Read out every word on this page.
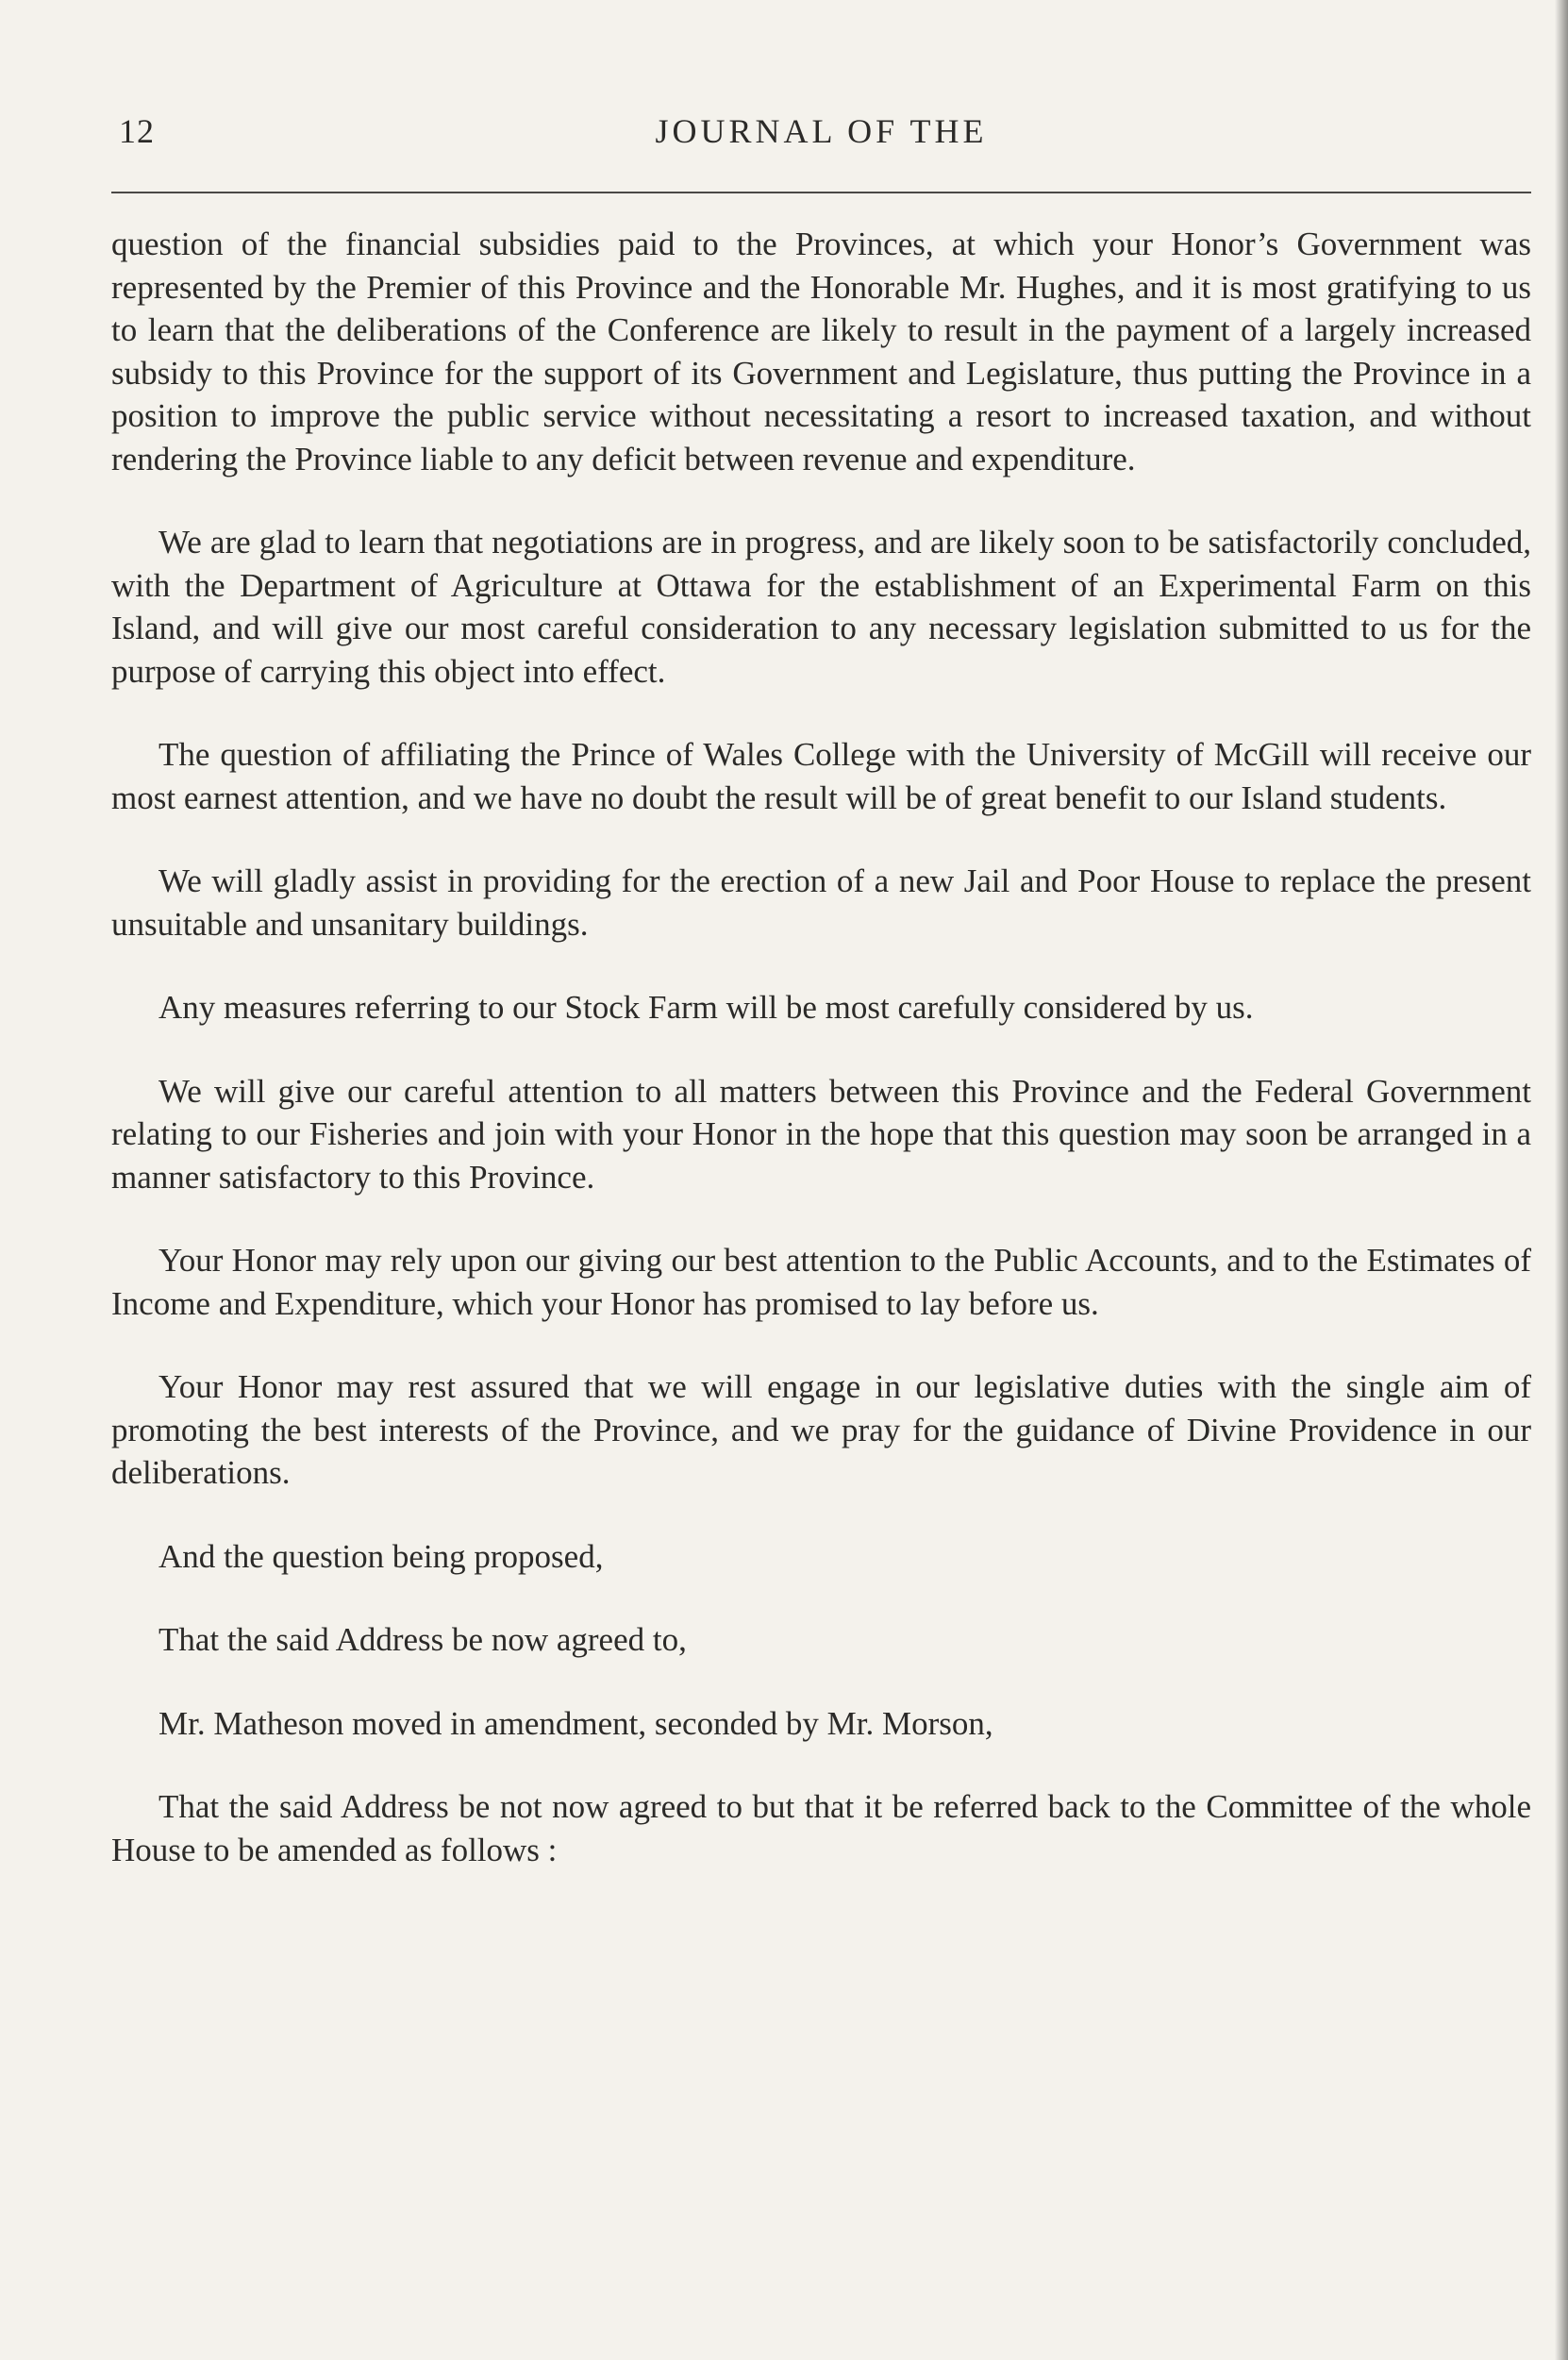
12	JOURNAL OF THE

question of the financial subsidies paid to the Provinces, at which your Honor’s Government was represented by the Premier of this Province and the Honorable Mr. Hughes, and it is most gratifying to us to learn that the deliberations of the Conference are likely to result in the payment of a largely increased subsidy to this Province for the support of its Government and Legislature, thus putting the Province in a position to improve the public service without necessitating a resort to increased taxation, and without rendering the Province liable to any deficit between revenue and expenditure.

We are glad to learn that negotiations are in progress, and are likely soon to be satisfactorily concluded, with the Department of Agriculture at Ottawa for the establishment of an Experimental Farm on this Island, and will give our most careful consideration to any necessary legislation submitted to us for the purpose of carrying this object into effect.

The question of affiliating the Prince of Wales College with the University of McGill will receive our most earnest attention, and we have no doubt the result will be of great benefit to our Island students.

We will gladly assist in providing for the erection of a new Jail and Poor House to replace the present unsuitable and unsanitary buildings.

Any measures referring to our Stock Farm will be most carefully considered by us.

We will give our careful attention to all matters between this Province and the Federal Government relating to our Fisheries and join with your Honor in the hope that this question may soon be arranged in a manner satisfactory to this Province.

Your Honor may rely upon our giving our best attention to the Public Accounts, and to the Estimates of Income and Expenditure, which your Honor has promised to lay before us.

Your Honor may rest assured that we will engage in our legislative duties with the single aim of promoting the best interests of the Province, and we pray for the guidance of Divine Providence in our deliberations.

And the question being proposed,

That the said Address be now agreed to,

Mr. Matheson moved in amendment, seconded by Mr. Morson,

That the said Address be not now agreed to but that it be referred back to the Committee of the whole House to be amended as follows :
